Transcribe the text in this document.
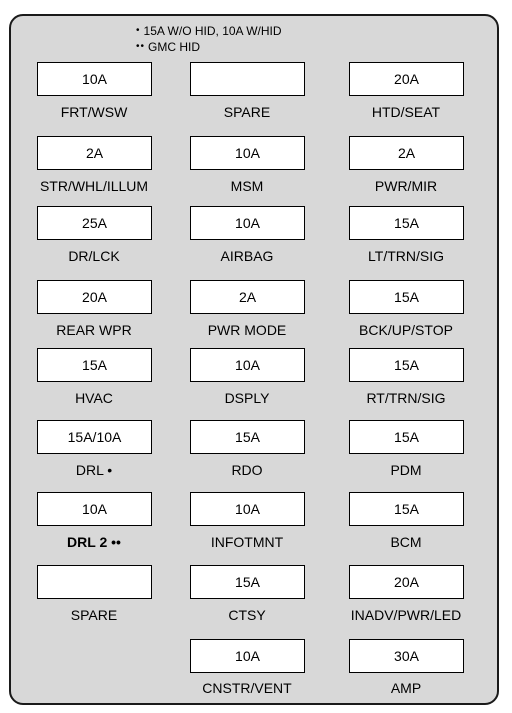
• 15A W/O HID, 10A W/HID
•• GMC HID
10A
FRT/WSW	SPARE
20A
HTD/SEAT
2A
STR/WHL/ILLUM
10A
MSM
2A
PWR/MIR
25A
DR/LCK
10A
AIRBAG
15A
LT/TRN/SIG
20A
REAR WPR
2A
PWR MODE
15A
BCK/UP/STOP
15A
HVAC
10A
DSPLY
15A
RT/TRN/SIG
15A/10A
DRL •
15A
RDO
15A
PDM
10A
DRL 2 ••
10A
INFOTMNT
15A
BCM
SPARE
15A
CTSY
20A
INADV/PWR/LED
10A
CNSTR/VENT
30A
AMP
